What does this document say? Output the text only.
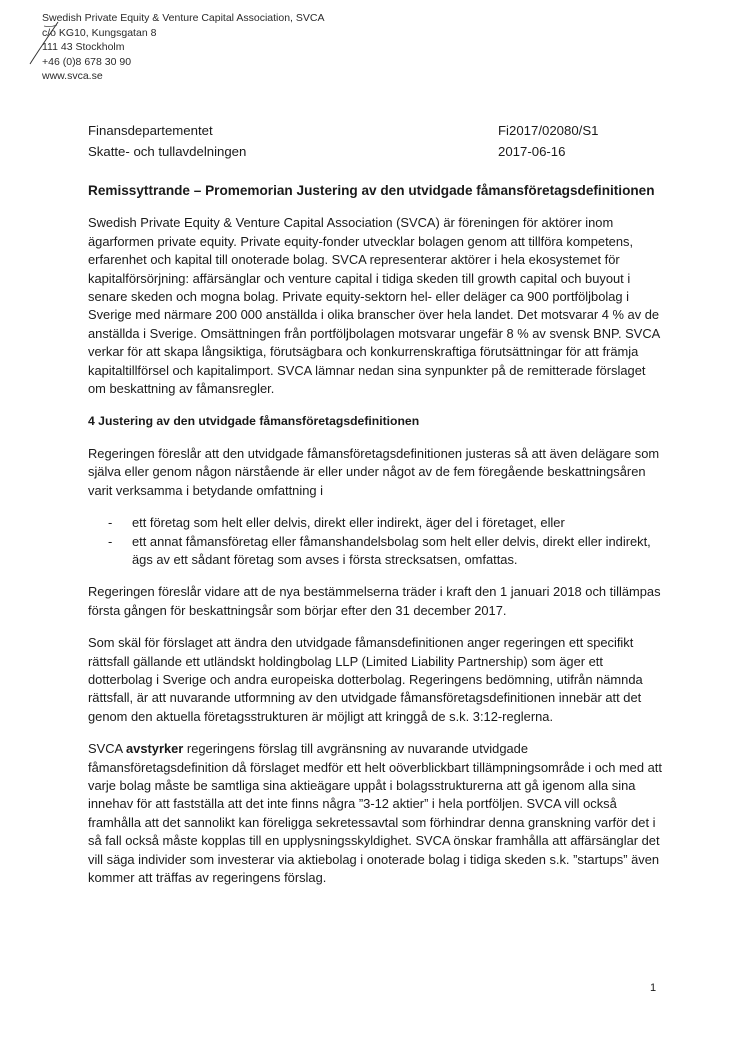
Swedish Private Equity & Venture Capital Association, SVCA
c/o KG10, Kungsgatan 8
111 43 Stockholm
+46 (0)8 678 30 90
www.svca.se
Finansdepartementet
Skatte- och tullavdelningen
Fi2017/02080/S1
2017-06-16
Remissyttrande – Promemorian Justering av den utvidgade fåmansföretagsdefinitionen

Swedish Private Equity & Venture Capital Association (SVCA) är föreningen för aktörer inom ägarformen private equity. Private equity-fonder utvecklar bolagen genom att tillföra kompetens, erfarenhet och kapital till onoterade bolag. SVCA representerar aktörer i hela ekosystemet för kapitalförsörjning: affärsänglar och venture capital i tidiga skeden till growth capital och buyout i senare skeden och mogna bolag. Private equity-sektorn hel- eller deläger ca 900 portföljbolag i Sverige med närmare 200 000 anställda i olika branscher över hela landet. Det motsvarar 4 % av de anställda i Sverige. Omsättningen från portföljbolagen motsvarar ungefär 8 % av svensk BNP. SVCA verkar för att skapa långsiktiga, förutsägbara och konkurrenskraftiga förutsättningar för att främja kapitaltillförsel och kapitalimport. SVCA lämnar nedan sina synpunkter på de remitterade förslaget om beskattning av fåmansregler.

4 Justering av den utvidgade fåmansföretagsdefinitionen

Regeringen föreslår att den utvidgade fåmansföretagsdefinitionen justeras så att även delägare som själva eller genom någon närstående är eller under något av de fem föregående beskattningsåren varit verksamma i betydande omfattning i

- ett företag som helt eller delvis, direkt eller indirekt, äger del i företaget, eller
- ett annat fåmansföretag eller fåmanshandelsbolag som helt eller delvis, direkt eller indirekt, ägs av ett sådant företag som avses i första strecksatsen, omfattas.

Regeringen föreslår vidare att de nya bestämmelserna träder i kraft den 1 januari 2018 och tillämpas första gången för beskattningsår som börjar efter den 31 december 2017.

Som skäl för förslaget att ändra den utvidgade fåmansdefinitionen anger regeringen ett specifikt rättsfall gällande ett utländskt holdingbolag LLP (Limited Liability Partnership) som äger ett dotterbolag i Sverige och andra europeiska dotterbolag. Regeringens bedömning, utifrån nämnda rättsfall, är att nuvarande utformning av den utvidgade fåmansföretagsdefinitionen innebär att det genom den aktuella företagsstrukturen är möjligt att kringgå de s.k. 3:12-reglerna.

SVCA avstyrker regeringens förslag till avgränsning av nuvarande utvidgade fåmansföretagsdefinition då förslaget medför ett helt oöverblickbart tillämpningsområde i och med att varje bolag måste be samtliga sina aktieägare uppåt i bolagsstrukturerna att gå igenom alla sina innehav för att fastställa att det inte finns några ”3-12 aktier” i hela portföljen. SVCA vill också framhålla att det sannolikt kan föreligga sekretessavtal som förhindrar denna granskning varför det i så fall också måste kopplas till en upplysningsskyldighet. SVCA önskar framhålla att affärsänglar det vill säga individer som investerar via aktiebolag i onoterade bolag i tidiga skeden s.k. ”startups” även kommer att träffas av regeringens förslag.

1
